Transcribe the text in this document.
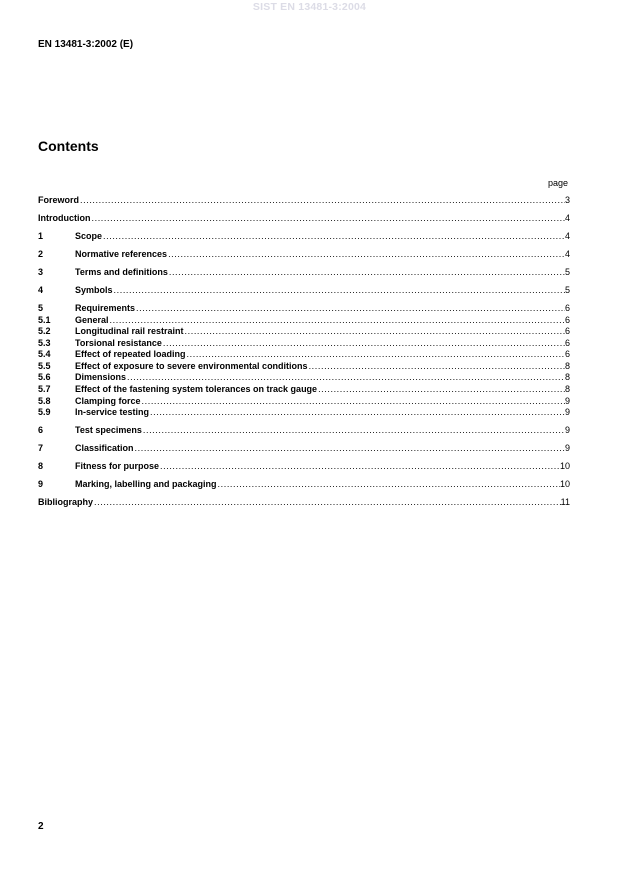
SIST EN 13481-3:2004
EN 13481-3:2002 (E)
Contents
page
Foreword .....	3
Introduction .....	4
1	Scope .....	4
2	Normative references .....	4
3	Terms and definitions .....	5
4	Symbols .....	5
5	Requirements .....	6
5.1	General .....	6
5.2	Longitudinal rail restraint .....	6
5.3	Torsional resistance .....	6
5.4	Effect of repeated loading .....	6
5.5	Effect of exposure to severe environmental conditions .....	8
5.6	Dimensions .....	8
5.7	Effect of the fastening system tolerances on track gauge .....	8
5.8	Clamping force .....	9
5.9	In-service testing .....	9
6	Test specimens .....	9
7	Classification .....	9
8	Fitness for purpose .....	10
9	Marking, labelling and packaging .....	10
Bibliography .....	11
2
